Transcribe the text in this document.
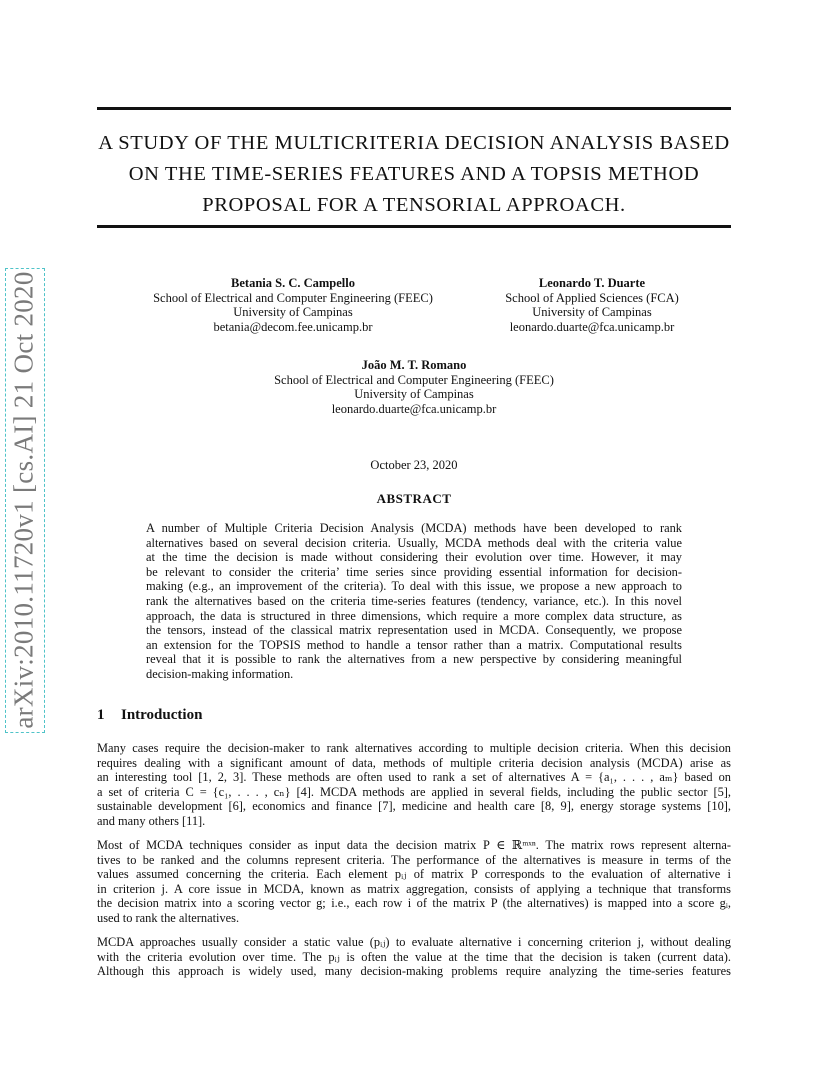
arXiv:2010.11720v1 [cs.AI] 21 Oct 2020
A STUDY OF THE MULTICRITERIA DECISION ANALYSIS BASED
ON THE TIME-SERIES FEATURES AND A TOPSIS METHOD
PROPOSAL FOR A TENSORIAL APPROACH.
Betania S. C. Campello
School of Electrical and Computer Engineering (FEEC)
University of Campinas
betania@decom.fee.unicamp.br
Leonardo T. Duarte
School of Applied Sciences (FCA)
University of Campinas
leonardo.duarte@fca.unicamp.br
João M. T. Romano
School of Electrical and Computer Engineering (FEEC)
University of Campinas
leonardo.duarte@fca.unicamp.br
October 23, 2020
ABSTRACT
A number of Multiple Criteria Decision Analysis (MCDA) methods have been developed to rank
alternatives based on several decision criteria. Usually, MCDA methods deal with the criteria value
at the time the decision is made without considering their evolution over time. However, it may
be relevant to consider the criteria’ time series since providing essential information for decision-
making (e.g., an improvement of the criteria). To deal with this issue, we propose a new approach to
rank the alternatives based on the criteria time-series features (tendency, variance, etc.). In this novel
approach, the data is structured in three dimensions, which require a more complex data structure, as
the tensors, instead of the classical matrix representation used in MCDA. Consequently, we propose
an extension for the TOPSIS method to handle a tensor rather than a matrix. Computational results
reveal that it is possible to rank the alternatives from a new perspective by considering meaningful
decision-making information.
1 Introduction
Many cases require the decision-maker to rank alternatives according to multiple decision criteria. When this decision
requires dealing with a significant amount of data, methods of multiple criteria decision analysis (MCDA) arise as
an interesting tool [1, 2, 3]. These methods are often used to rank a set of alternatives A = {a₁, . . . , aₘ} based on
a set of criteria C = {c₁, . . . , cₙ} [4]. MCDA methods are applied in several fields, including the public sector [5],
sustainable development [6], economics and finance [7], medicine and health care [8, 9], energy storage systems [10],
and many others [11].
Most of MCDA techniques consider as input data the decision matrix P ∈ ℝᵐˣⁿ. The matrix rows represent alterna-
tives to be ranked and the columns represent criteria. The performance of the alternatives is measure in terms of the
values assumed concerning the criteria. Each element pᵢⱼ of matrix P corresponds to the evaluation of alternative i
in criterion j. A core issue in MCDA, known as matrix aggregation, consists of applying a technique that transforms
the decision matrix into a scoring vector g; i.e., each row i of the matrix P (the alternatives) is mapped into a score gᵢ,
used to rank the alternatives.
MCDA approaches usually consider a static value (pᵢⱼ) to evaluate alternative i concerning criterion j, without dealing
with the criteria evolution over time. The pᵢⱼ is often the value at the time that the decision is taken (current data).
Although this approach is widely used, many decision-making problems require analyzing the time-series features
